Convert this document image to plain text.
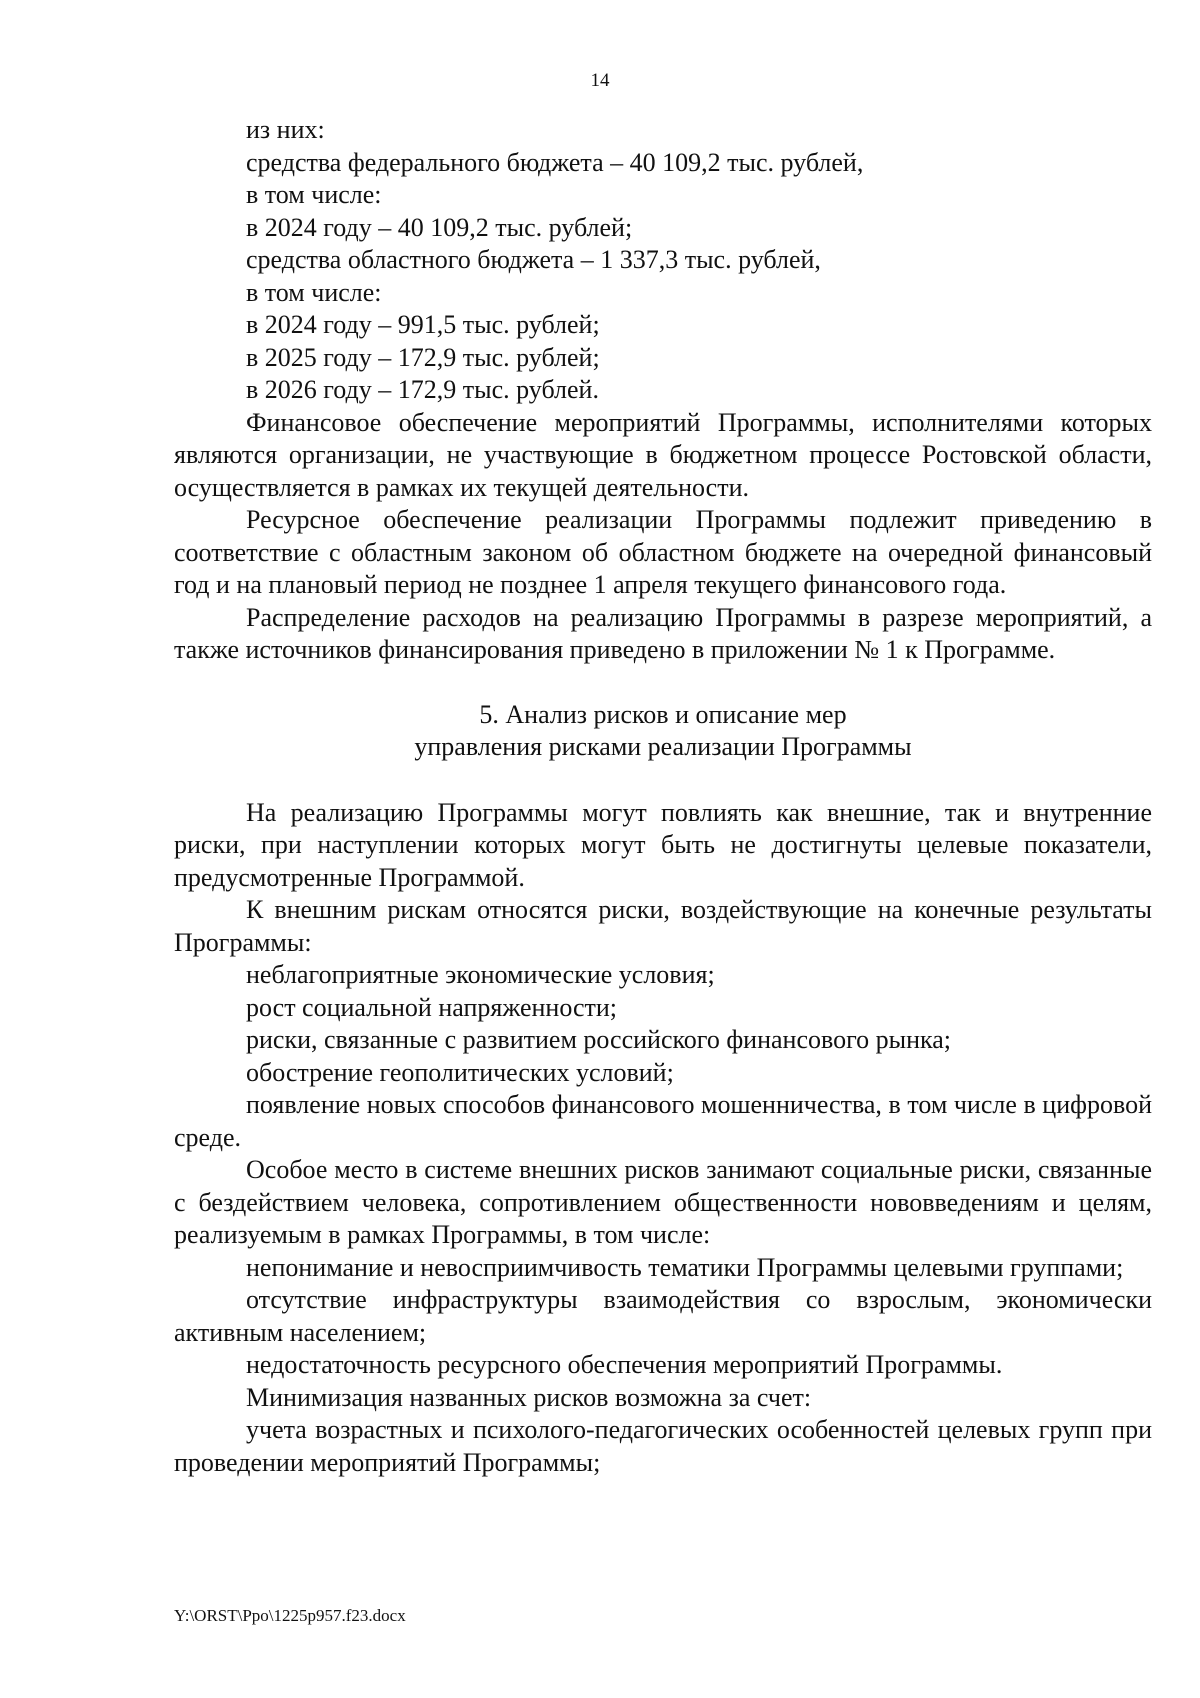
14
из них:
средства федерального бюджета – 40 109,2 тыс. рублей,
в том числе:
в 2024 году – 40 109,2 тыс. рублей;
средства областного бюджета – 1 337,3 тыс. рублей,
в том числе:
в 2024 году – 991,5 тыс. рублей;
в 2025 году – 172,9 тыс. рублей;
в 2026 году – 172,9 тыс. рублей.

Финансовое обеспечение мероприятий Программы, исполнителями которых являются организации, не участвующие в бюджетном процессе Ростовской области, осуществляется в рамках их текущей деятельности.

Ресурсное обеспечение реализации Программы подлежит приведению в соответствие с областным законом об областном бюджете на очередной финансовый год и на плановый период не позднее 1 апреля текущего финансового года.

Распределение расходов на реализацию Программы в разрезе мероприятий, а также источников финансирования приведено в приложении № 1 к Программе.

5. Анализ рисков и описание мер

управления рисками реализации Программы

На реализацию Программы могут повлиять как внешние, так и внутренние риски, при наступлении которых могут быть не достигнуты целевые показатели, предусмотренные Программой.

К внешним рискам относятся риски, воздействующие на конечные результаты Программы:

неблагоприятные экономические условия;

рост социальной напряженности;

риски, связанные с развитием российского финансового рынка;

обострение геополитических условий;

появление новых способов финансового мошенничества, в том числе в цифровой среде.

Особое место в системе внешних рисков занимают социальные риски, связанные с бездействием человека, сопротивлением общественности нововведениям и целям, реализуемым в рамках Программы, в том числе:

непонимание и невосприимчивость тематики Программы целевыми группами;

отсутствие инфраструктуры взаимодействия со взрослым, экономически активным населением;

недостаточность ресурсного обеспечения мероприятий Программы.

Минимизация названных рисков возможна за счет:

учета возрастных и психолого-педагогических особенностей целевых групп при проведении мероприятий Программы;

Y:\ORST\Ppo\1225p957.f23.docx
